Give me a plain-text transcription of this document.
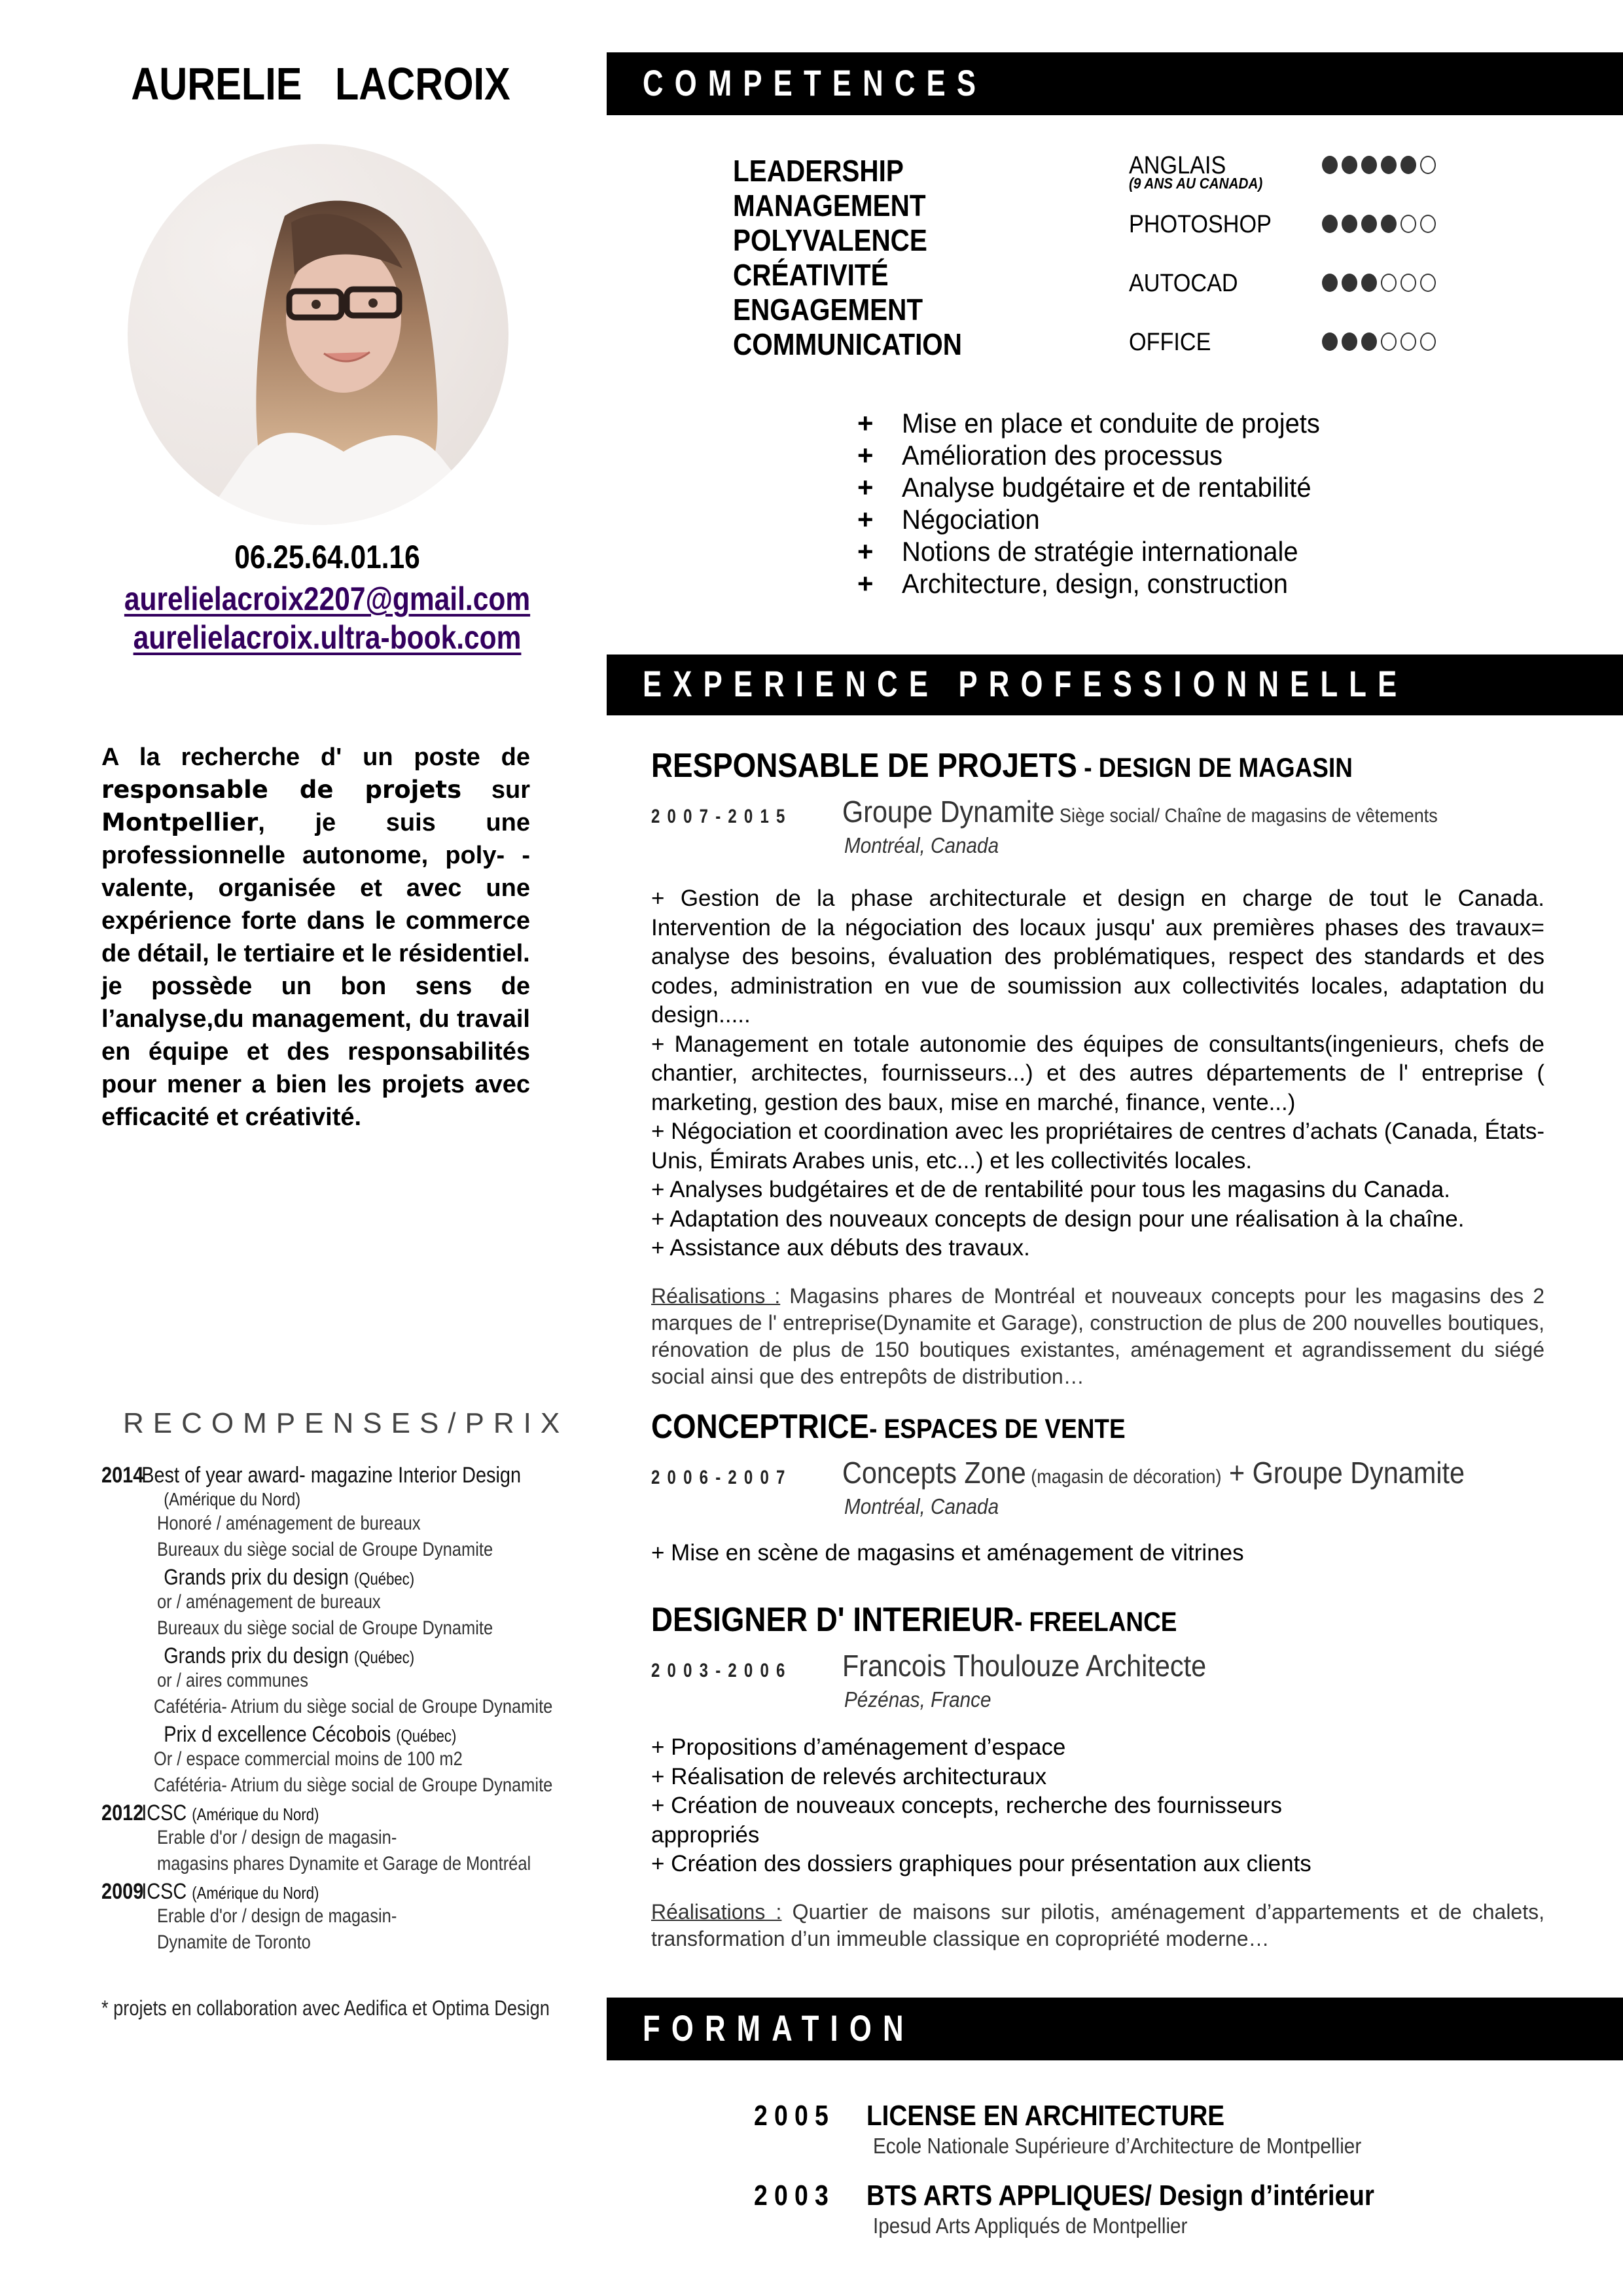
AURELIE LACROIX
06.25.64.01.16
aurelielacroix2207@gmail.com
aurelielacroix.ultra-book.com
A la recherche d' un poste de responsable de projets sur Montpellier, je suis une professionnelle autonome, poly- -valente, organisée et avec une expérience forte dans le commerce de détail, le tertiaire et le résidentiel.
je possède un bon sens de l’analyse,du management, du travail en équipe et des responsabilités pour mener a bien les projets avec efficacité et créativité.
RECOMPENSES/PRIX
2014Best of year award- magazine Interior Design
(Amérique du Nord)
Honoré / aménagement de bureaux
Bureaux du siège social de Groupe Dynamite
Grands prix du design (Québec)
or / aménagement de bureaux
Bureaux du siège social de Groupe Dynamite
Grands prix du design (Québec)
or / aires communes
Cafétéria- Atrium du siège social de Groupe Dynamite
Prix d excellence Cécobois (Québec)
Or / espace commercial moins de 100 m2
Cafétéria- Atrium du siège social de Groupe Dynamite
2012ICSC (Amérique du Nord)
Erable d'or / design de magasin-
magasins phares Dynamite et Garage de Montréal
2009ICSC (Amérique du Nord)
Erable d'or / design de magasin-
Dynamite de Toronto
* projets en collaboration avec Aedifica et Optima Design
COMPETENCES
LEADERSHIP
MANAGEMENT
POLYVALENCE
CRÉATIVITÉ
ENGAGEMENT
COMMUNICATION
ANGLAIS
(9 ANS AU CANADA)
PHOTOSHOP
AUTOCAD
OFFICE
+ Mise en place et conduite de projets
+ Amélioration des processus
+ Analyse budgétaire et de rentabilité
+ Négociation
+ Notions de stratégie internationale
+ Architecture, design, construction
EXPERIENCE PROFESSIONNELLE
RESPONSABLE DE PROJETS - DESIGN DE MAGASIN
2007-2015 Groupe Dynamite Siège social/ Chaîne de magasins de vêtements
Montréal, Canada

+ Gestion de la phase architecturale et design en charge de tout le Canada. Intervention de la négociation des locaux jusqu' aux premières phases des travaux= analyse des besoins, évaluation des problématiques, respect des standards et des codes, administration en vue de soumission aux collectivités locales, adaptation du design.....

+ Management en totale autonomie des équipes de consultants(ingenieurs, chefs de chantier, architectes, fournisseurs...) et des autres départements de l' entreprise ( marketing, gestion des baux, mise en marché, finance, vente...)

+ Négociation et coordination avec les propriétaires de centres d’achats (Canada, États-Unis, Émirats Arabes unis, etc...) et les collectivités locales.

+ Analyses budgétaires et de de rentabilité pour tous les magasins du Canada.

+ Adaptation des nouveaux concepts de design pour une réalisation à la chaîne.

+ Assistance aux débuts des travaux.

Réalisations : Magasins phares de Montréal et nouveaux concepts pour les magasins des 2 marques de l' entreprise(Dynamite et Garage), construction de plus de 200 nouvelles boutiques, rénovation de plus de 150 boutiques existantes, aménagement et agrandissement du siégé social ainsi que des entrepôts de distribution…
CONCEPTRICE- ESPACES DE VENTE
2006-2007 Concepts Zone (magasin de décoration) + Groupe Dynamite
Montréal, Canada

+ Mise en scène de magasins et aménagement de vitrines

DESIGNER D' INTERIEUR- FREELANCE
2003-2006 Francois Thoulouze Architecte
Pézénas, France

+ Propositions d’aménagement d’espace

+ Réalisation de relevés architecturaux

+ Création de nouveaux concepts, recherche des fournisseurs

appropriés

+ Création des dossiers graphiques pour présentation aux clients

Réalisations : Quartier de maisons sur pilotis, aménagement d’appartements et de chalets, transformation d’un immeuble classique en copropriété moderne…
FORMATION
2005 LICENSE EN ARCHITECTURE
Ecole Nationale Supérieure d’Architecture de Montpellier
2003 BTS ARTS APPLIQUES/ Design d’intérieur
Ipesud Arts Appliqués de Montpellier
